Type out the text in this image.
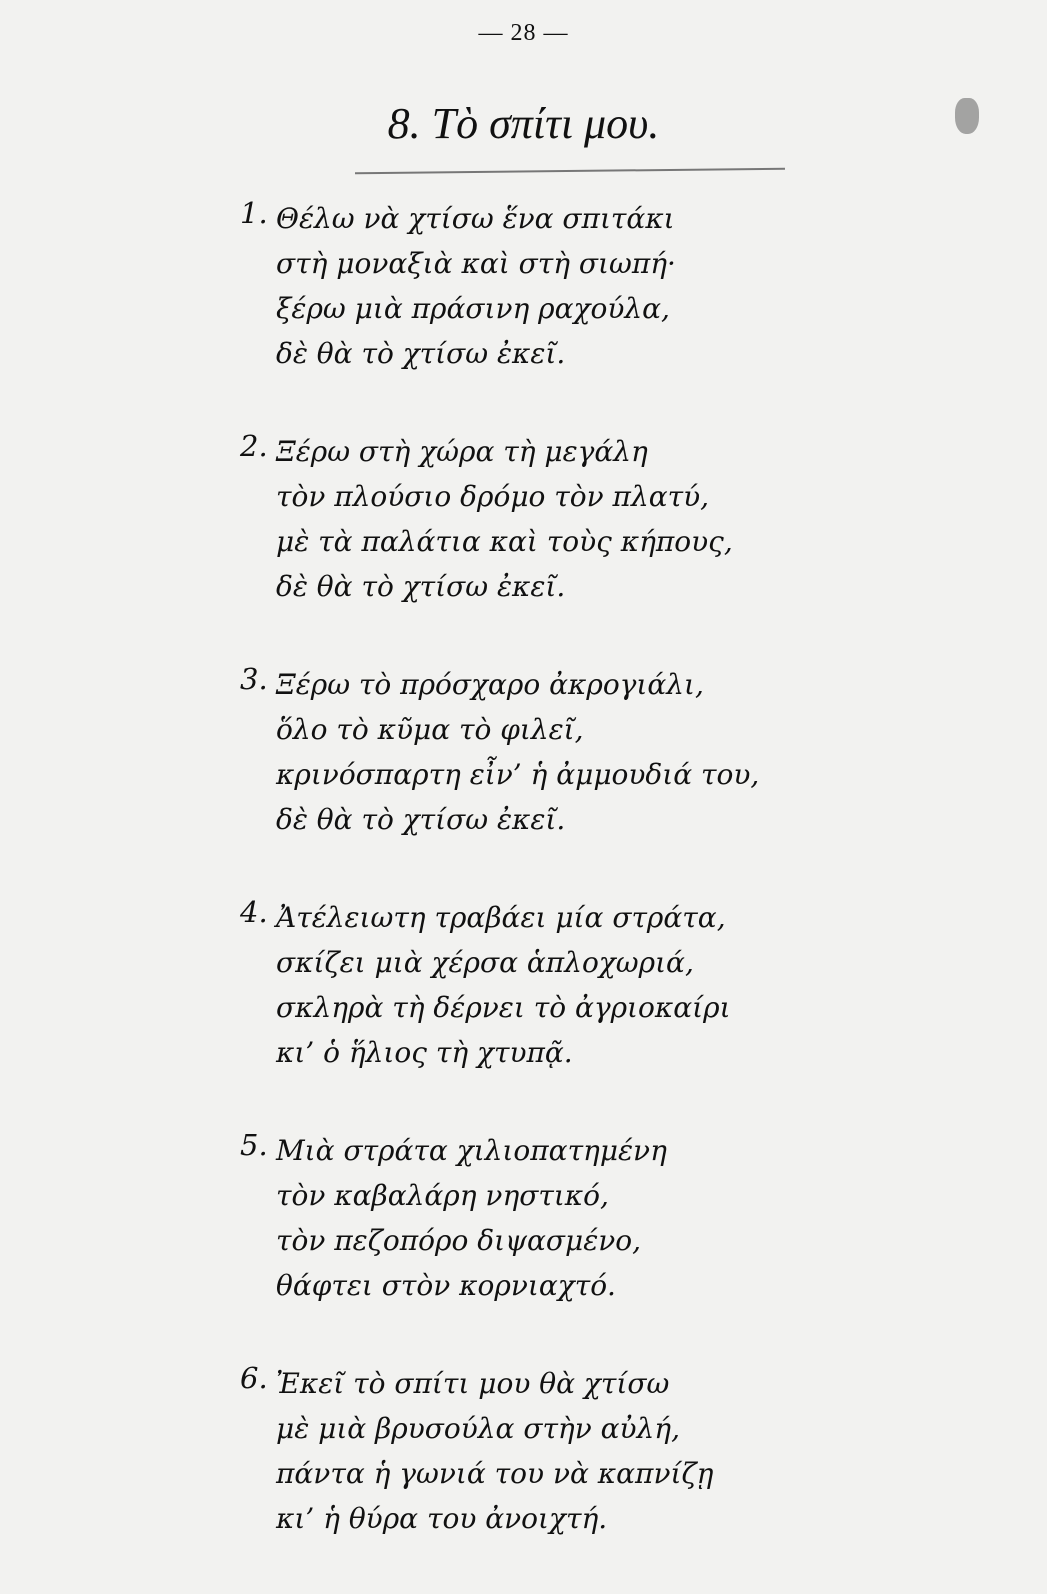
— 28 —
8. Τὸ σπίτι μου.
1. Θέλω νὰ χτίσω ἕνα σπιτάκι
στὴ μοναξιὰ καὶ στὴ σιωπή·
ξέρω μιὰ πράσινη ραχούλα,
δὲ θὰ τὸ χτίσω ἐκεῖ.
2. Ξέρω στὴ χώρα τὴ μεγάλη
τὸν πλούσιο δρόμο τὸν πλατύ,
μὲ τὰ παλάτια καὶ τοὺς κήπους,
δὲ θὰ τὸ χτίσω ἐκεῖ.
3. Ξέρω τὸ πρόσχαρο ἀκρογιάλι,
ὅλο τὸ κῦμα τὸ φιλεῖ,
κρινόσπαρτη εἶν’ ἡ ἀμμουδιά του,
δὲ θὰ τὸ χτίσω ἐκεῖ.
4. Ἀτέλειωτη τραβάει μία στράτα,
σκίζει μιὰ χέρσα ἁπλοχωριά,
σκληρὰ τὴ δέρνει τὸ ἀγριοκαίρι
κι’ ὁ ἥλιος τὴ χτυπᾷ.
5. Μιὰ στράτα χιλιοπατημένη
τὸν καβαλάρη νηστικό,
τὸν πεζοπόρο διψασμένο,
θάφτει στὸν κορνιαχτό.
6. Ἐκεῖ τὸ σπίτι μου θὰ χτίσω
μὲ μιὰ βρυσούλα στὴν αὐλή,
πάντα ἡ γωνιά του νὰ καπνίζῃ
κι’ ἡ θύρα του ἀνοιχτή.
